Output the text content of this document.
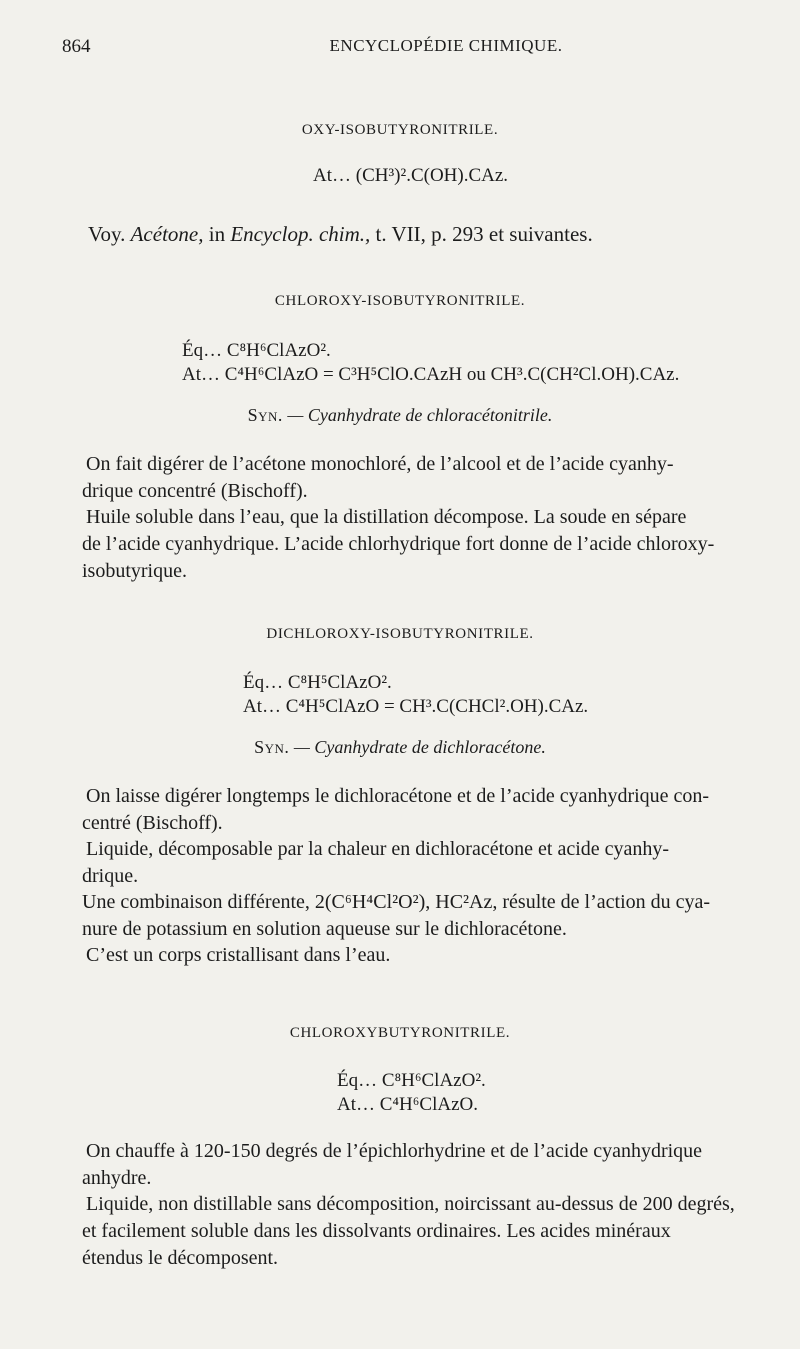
864	ENCYCLOPÉDIE CHIMIQUE.
OXY-ISOBUTYRONITRILE.
At… (CH³)².C(OH).CAz.
Voy. Acétone, in Encyclop. chim., t. VII, p. 293 et suivantes.
CHLOROXY-ISOBUTYRONITRILE.
Éq… C⁸H⁶ClAzO².
At… C⁴H⁶ClAzO = C³H⁵ClO.CAzH ou CH³.C(CH²Cl.OH).CAz.
Syn. — Cyanhydrate de chloracétonitrile.
On fait digérer de l’acétone monochloré, de l’alcool et de l’acide cyanhy-
drique concentré (Bischoff).
Huile soluble dans l’eau, que la distillation décompose. La soude en sépare
de l’acide cyanhydrique. L’acide chlorhydrique fort donne de l’acide chloroxy-
isobutyrique.
DICHLOROXY-ISOBUTYRONITRILE.
Éq… C⁸H⁵ClAzO².
At… C⁴H⁵ClAzO = CH³.C(CHCl².OH).CAz.
Syn. — Cyanhydrate de dichloracétone.
On laisse digérer longtemps le dichloracétone et de l’acide cyanhydrique con-
centré (Bischoff).
Liquide, décomposable par la chaleur en dichloracétone et acide cyanhy-
drique.
Une combinaison différente, 2(C⁶H⁴Cl²O²), HC²Az, résulte de l’action du cya-
nure de potassium en solution aqueuse sur le dichloracétone.
C’est un corps cristallisant dans l’eau.
CHLOROXYBUTYRONITRILE.
Éq… C⁸H⁶ClAzO².
At… C⁴H⁶ClAzO.
On chauffe à 120-150 degrés de l’épichlorhydrine et de l’acide cyanhydrique
anhydre.
Liquide, non distillable sans décomposition, noircissant au-dessus de 200 degrés,
et facilement soluble dans les dissolvants ordinaires. Les acides minéraux
étendus le décomposent.
